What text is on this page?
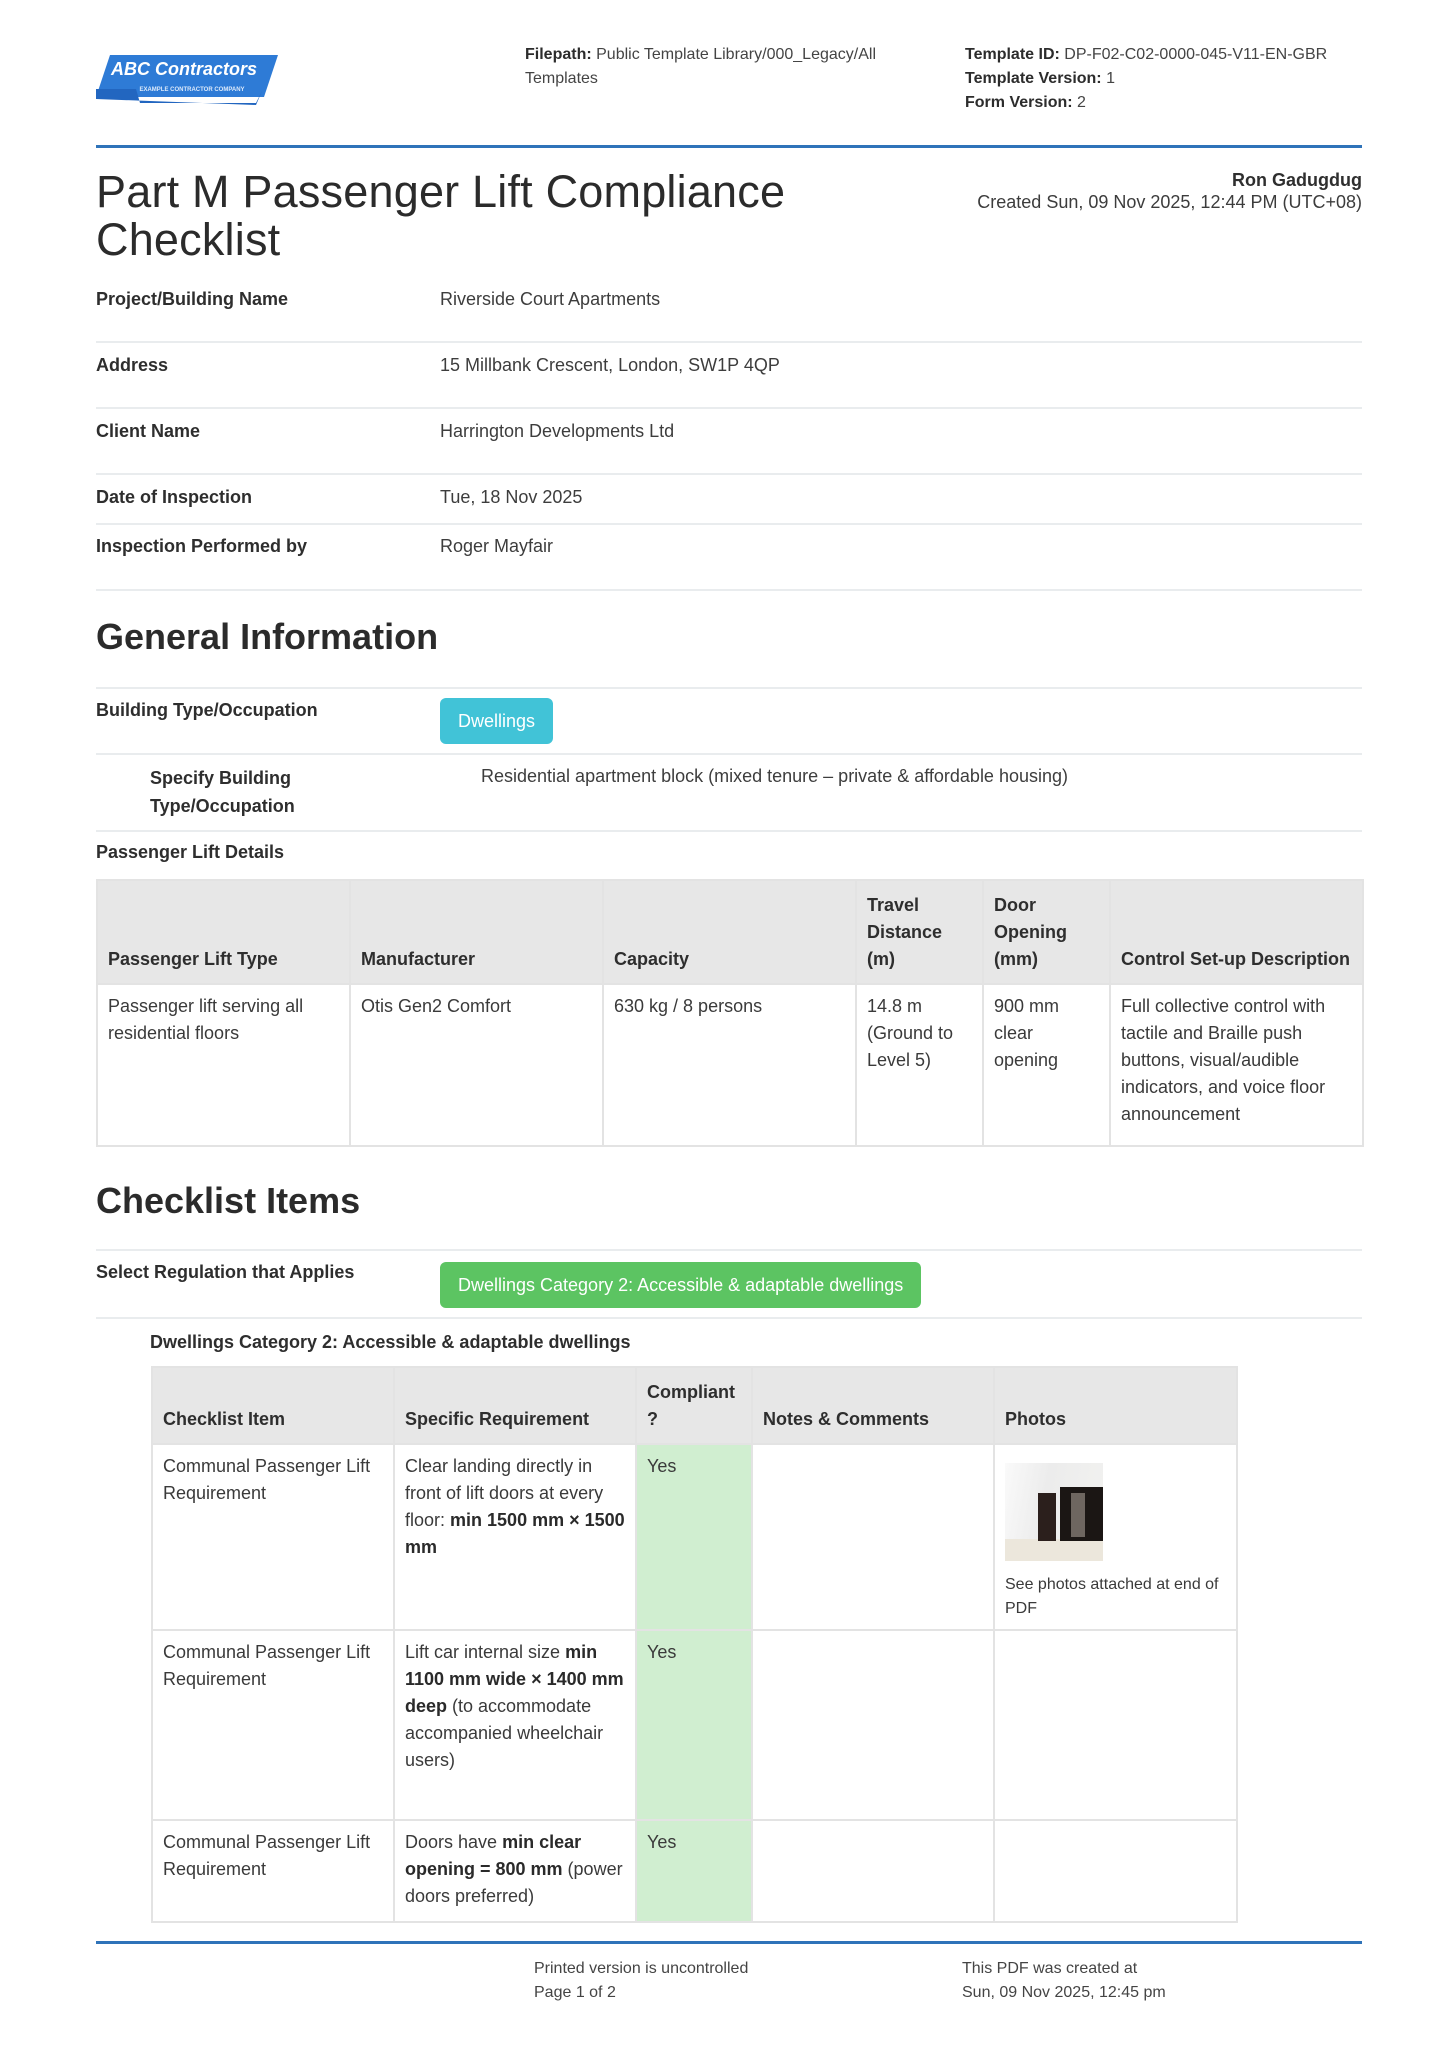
ABC Contractors
EXAMPLE CONTRACTOR COMPANY
Filepath: Public Template Library/000_Legacy/All Templates
Template ID: DP-F02-C02-0000-045-V11-EN-GBR
Template Version: 1
Form Version: 2
Part M Passenger Lift Compliance Checklist
Ron Gadugdug
Created Sun, 09 Nov 2025, 12:44 PM (UTC+08)
Project/Building Name	Riverside Court Apartments
Address	15 Millbank Crescent, London, SW1P 4QP
Client Name	Harrington Developments Ltd
Date of Inspection	Tue, 18 Nov 2025
Inspection Performed by	Roger Mayfair
General Information
Building Type/Occupation
Dwellings
Specify Building Type/Occupation
Residential apartment block (mixed tenure – private & affordable housing)
Passenger Lift Details
Passenger Lift Type	Manufacturer	Capacity	Travel Distance (m)	Door Opening (mm)	Control Set-up Description
Passenger lift serving all residential floors	Otis Gen2 Comfort	630 kg / 8 persons	14.8 m (Ground to Level 5)	900 mm clear opening	Full collective control with tactile and Braille push buttons, visual/audible indicators, and voice floor announcement
Checklist Items
Select Regulation that Applies
Dwellings Category 2: Accessible & adaptable dwellings
Dwellings Category 2: Accessible & adaptable dwellings
Checklist Item	Specific Requirement	Compliant ?	Notes & Comments	Photos
Communal Passenger Lift Requirement	Clear landing directly in front of lift doors at every floor: min 1500 mm × 1500 mm	Yes		See photos attached at end of PDF

Communal Passenger Lift Requirement	Lift car internal size min 1100 mm wide × 1400 mm deep (to accommodate accompanied wheelchair users)	Yes		
Communal Passenger Lift Requirement	Doors have min clear opening = 800 mm (power doors preferred)	Yes		
Printed version is uncontrolled
Page 1 of 2
This PDF was created at
Sun, 09 Nov 2025, 12:45 pm
